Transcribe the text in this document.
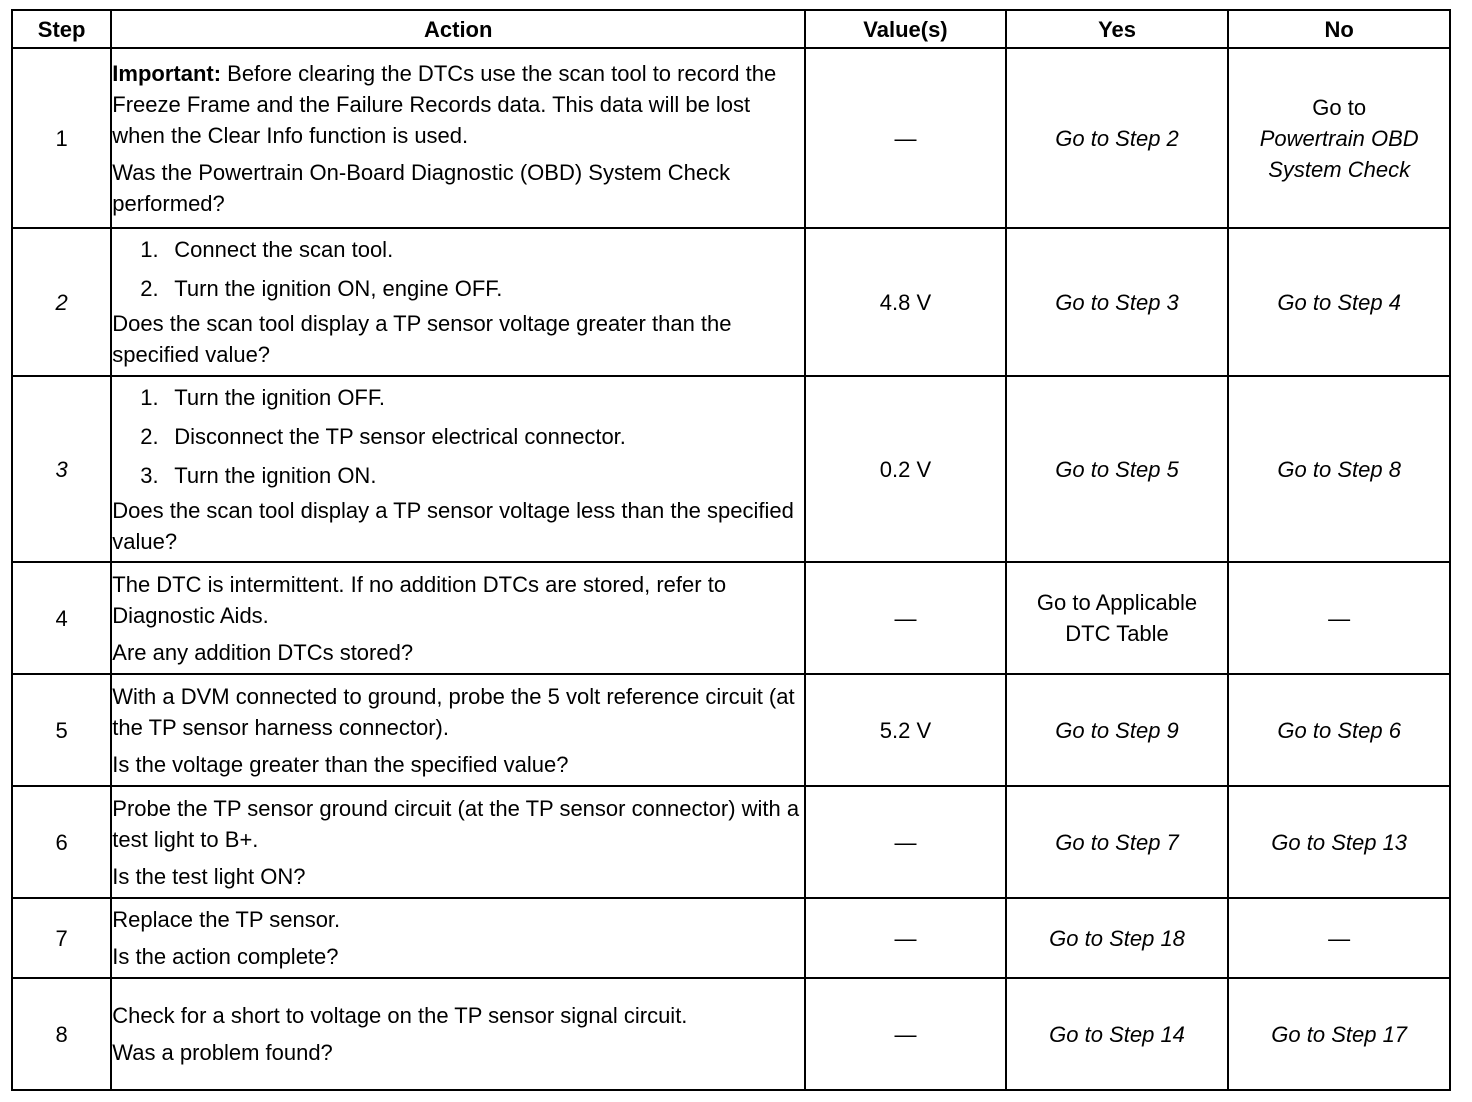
Step	Action	Value(s)	Yes	No
1	Important: Before clearing the DTCs use the scan tool to record the Freeze Frame and the Failure Records data. This data will be lost when the Clear Info function is used.
Was the Powertrain On-Board Diagnostic (OBD) System Check performed?	—	Go to Step 2	Go to
Powertrain OBD System Check

2	1. Connect the scan tool.
2. Turn the ignition ON, engine OFF.
Does the scan tool display a TP sensor voltage greater than the specified value?	4.8 V	Go to Step 3	Go to Step 4
3	1. Turn the ignition OFF.
2. Disconnect the TP sensor electrical connector.
3. Turn the ignition ON.
Does the scan tool display a TP sensor voltage less than the specified value?	0.2 V	Go to Step 5	Go to Step 8
4	The DTC is intermittent. If no addition DTCs are stored, refer to Diagnostic Aids.
Are any addition DTCs stored?	—	Go to Applicable DTC Table	—
5	With a DVM connected to ground, probe the 5 volt reference circuit (at the TP sensor harness connector).
Is the voltage greater than the specified value?	5.2 V	Go to Step 9	Go to Step 6
6	Probe the TP sensor ground circuit (at the TP sensor connector) with a test light to B+.
Is the test light ON?	—	Go to Step 7	Go to Step 13
7	Replace the TP sensor.
Is the action complete?	—	Go to Step 18	—
8	Check for a short to voltage on the TP sensor signal circuit.
Was a problem found?	—	Go to Step 14	Go to Step 17
